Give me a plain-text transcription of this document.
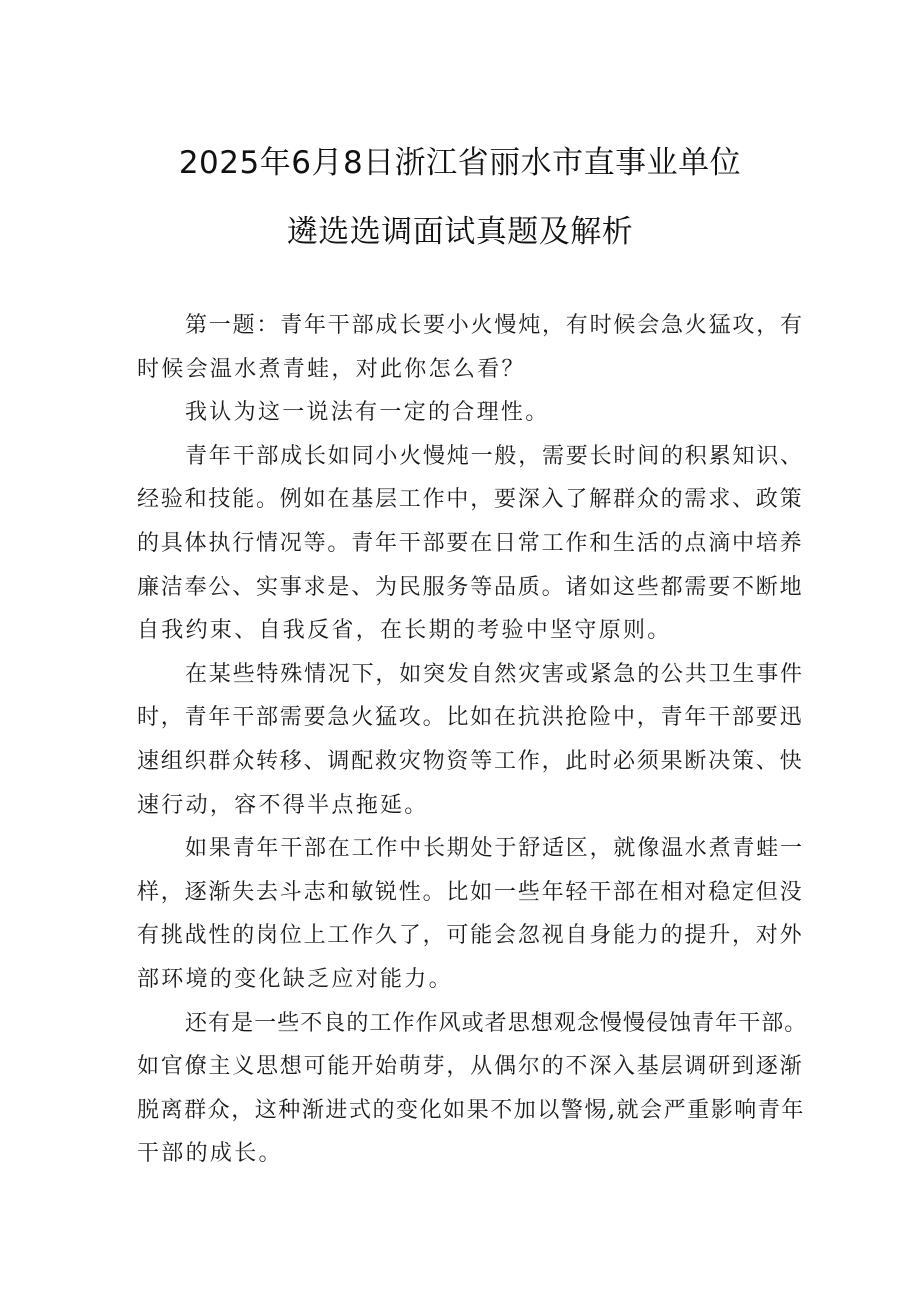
2025年6月8日浙江省丽水市直事业单位
遴选选调面试真题及解析
第一题：青年干部成长要小火慢炖，有时候会急火猛攻，有
时候会温水煮青蛙，对此你怎么看？
我认为这一说法有一定的合理性。
青年干部成长如同小火慢炖一般，需要长时间的积累知识、
经验和技能。例如在基层工作中，要深入了解群众的需求、政策
的具体执行情况等。青年干部要在日常工作和生活的点滴中培养
廉洁奉公、实事求是、为民服务等品质。诸如这些都需要不断地
自我约束、自我反省，在长期的考验中坚守原则。
在某些特殊情况下，如突发自然灾害或紧急的公共卫生事件
时，青年干部需要急火猛攻。比如在抗洪抢险中，青年干部要迅
速组织群众转移、调配救灾物资等工作，此时必须果断决策、快
速行动，容不得半点拖延。
如果青年干部在工作中长期处于舒适区，就像温水煮青蛙一
样，逐渐失去斗志和敏锐性。比如一些年轻干部在相对稳定但没
有挑战性的岗位上工作久了，可能会忽视自身能力的提升，对外
部环境的变化缺乏应对能力。
还有是一些不良的工作作风或者思想观念慢慢侵蚀青年干部。
如官僚主义思想可能开始萌芽，从偶尔的不深入基层调研到逐渐
脱离群众，这种渐进式的变化如果不加以警惕,就会严重影响青年
干部的成长。
